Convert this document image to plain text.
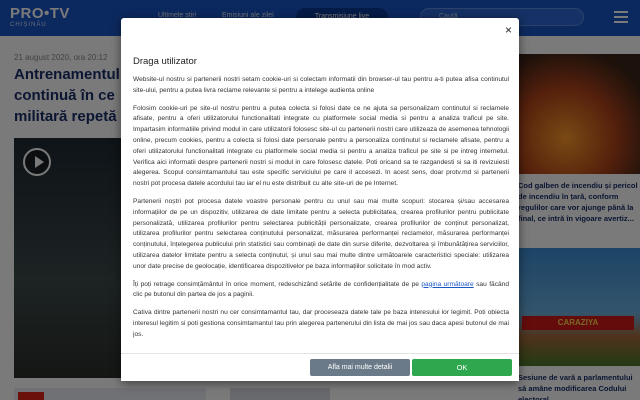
×
Draga utilizator

Website-ul nostru si partenerii nostri setam cookie-uri si colectam informatii din browser-ul tau pentru a-ti putea afisa continutul site-ului, pentru a putea livra reclame relevante si pentru a intelege audienta online

Folosim cookie-uri pe site-ul nostru pentru a putea colecta si folosi date ce ne ajuta sa personalizam continutul si reclamele afisate, pentru a oferi utilizatorului functionalitati integrate cu platformele social media si pentru a analiza traficul pe site. Impartasim informatiile privind modul in care utilizatorii folosesc site-ul cu partenerii nostri care utilizeaza de asemenea tehnologii online, precum cookies, pentru a colecta si folosi date personale pentru a personaliza continutul si reclamele afisate, pentru a oferi utilizatorului functionalitati integrate cu platformele social media si pentru a analiza traficul pe site si pe intreg internetul. Verifica aici informatii despre partenerii nostri si modul in care folosesc datele. Poti oricand sa te razgandesti si sa iti revizuiesti alegerea. Scopul consimtamantului tau este specific serviciului pe care il accesezi. In acest sens, doar protv.md si partenerii nostri pot procesa datele acordului tau iar el nu este distribuit cu alte site-uri de pe Internet.

Partenerii noștri pot procesa datele voastre personale pentru cu unul sau mai multe scopuri: stocarea și/sau accesarea informațiilor de pe un dispozitiv, utilizarea de date limitate pentru a selecta publicitatea, crearea profilurilor pentru publicitate personalizată, utilizarea profilurilor pentru selectarea publicității personalizate, crearea profilurilor de conținut personalizat, utilizarea profilurilor pentru selectarea conținutului personalizat, măsurarea performanței reclamelor, măsurarea performanței conținutului, înțelegerea publicului prin statistici sau combinații de date din surse diferite, dezvoltarea și îmbunătățirea serviciilor, utilizarea datelor limitate pentru a selecta conținutul, și unul sau mai multe dintre următoarele caracteristici speciale: utilizarea unor date precise de geolocație, identificarea dispozitivelor pe baza informațiilor solicitate în mod activ.

Îți poți retrage consimțământul în orice moment, redeschizând setările de confidențialitate de pe pagina următoare sau făcând clic pe butonul din partea de jos a paginii.

Cativa dintre partenerii nostri nu cer consimtamantul tau, dar proceseaza datele tale pe baza interesului lor legimit. Poti obiecta interesul legitim si poti gestiona consimtamantul tau prin alegerea partenerului din lista de mai jos sau daca apesi butonul de mai jos.

Afla mai multe detalii	OK
